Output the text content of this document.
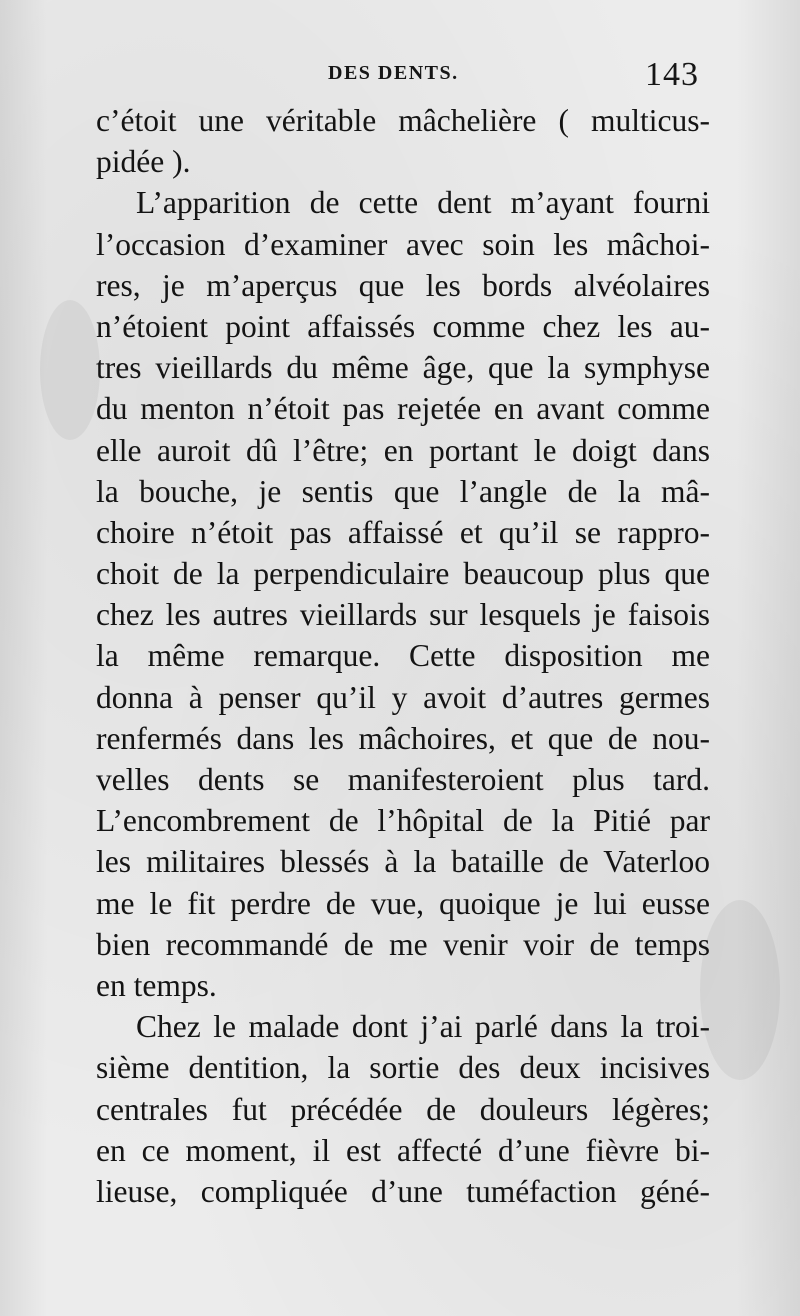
DES DENTS.	143
c’étoit une véritable mâchelière ( multicus-
pidée ).
L’apparition de cette dent m’ayant fourni
l’occasion d’examiner avec soin les mâchoi-
res, je m’aperçus que les bords alvéolaires
n’étoient point affaissés comme chez les au-
tres vieillards du même âge, que la symphyse
du menton n’étoit pas rejetée en avant comme
elle auroit dû l’être; en portant le doigt dans
la bouche, je sentis que l’angle de la mâ-
choire n’étoit pas affaissé et qu’il se rappro-
choit de la perpendiculaire beaucoup plus que
chez les autres vieillards sur lesquels je faisois
la même remarque. Cette disposition me
donna à penser qu’il y avoit d’autres germes
renfermés dans les mâchoires, et que de nou-
velles dents se manifesteroient plus tard.
L’encombrement de l’hôpital de la Pitié par
les militaires blessés à la bataille de Vaterloo
me le fit perdre de vue, quoique je lui eusse
bien recommandé de me venir voir de temps
en temps.
Chez le malade dont j’ai parlé dans la troi-
sième dentition, la sortie des deux incisives
centrales fut précédée de douleurs légères;
en ce moment, il est affecté d’une fièvre bi-
lieuse, compliquée d’une tuméfaction géné-
